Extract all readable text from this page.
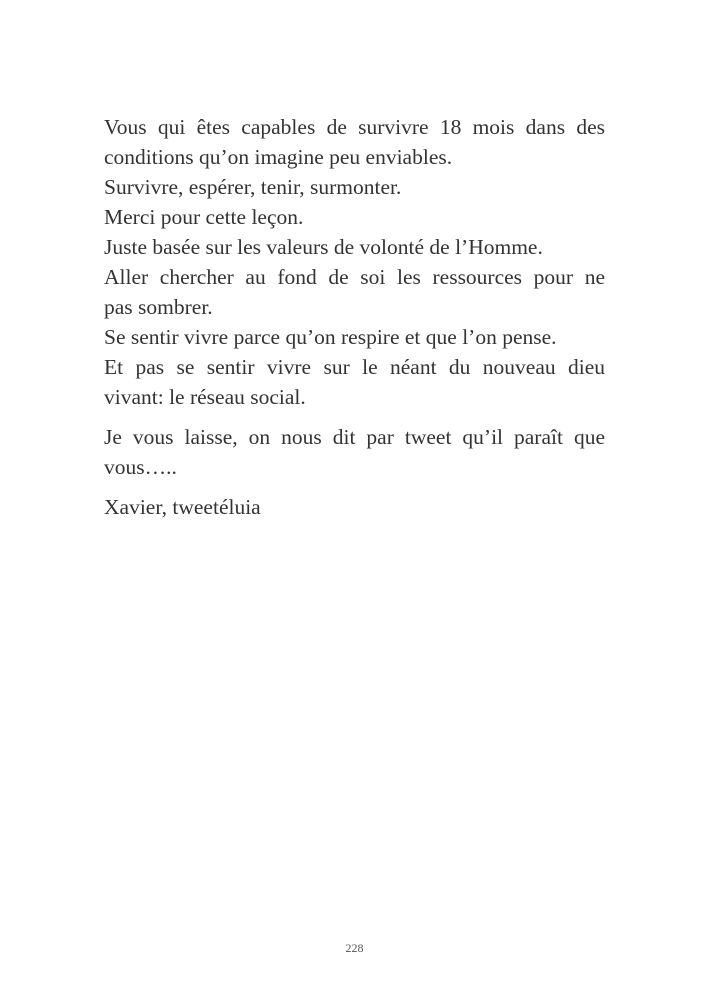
Vous qui êtes capables de survivre 18 mois dans des
conditions qu’on imagine peu enviables.
Survivre, espérer, tenir, surmonter.
Merci pour cette leçon.
Juste basée sur les valeurs de volonté de l’Homme.
Aller chercher au fond de soi les ressources pour ne
pas sombrer.
Se sentir vivre parce qu’on respire et que l’on pense.
Et pas se sentir vivre sur le néant du nouveau dieu
vivant: le réseau social.

Je vous laisse, on nous dit par tweet qu’il paraît que
vous…..

Xavier, tweetéluia

228
